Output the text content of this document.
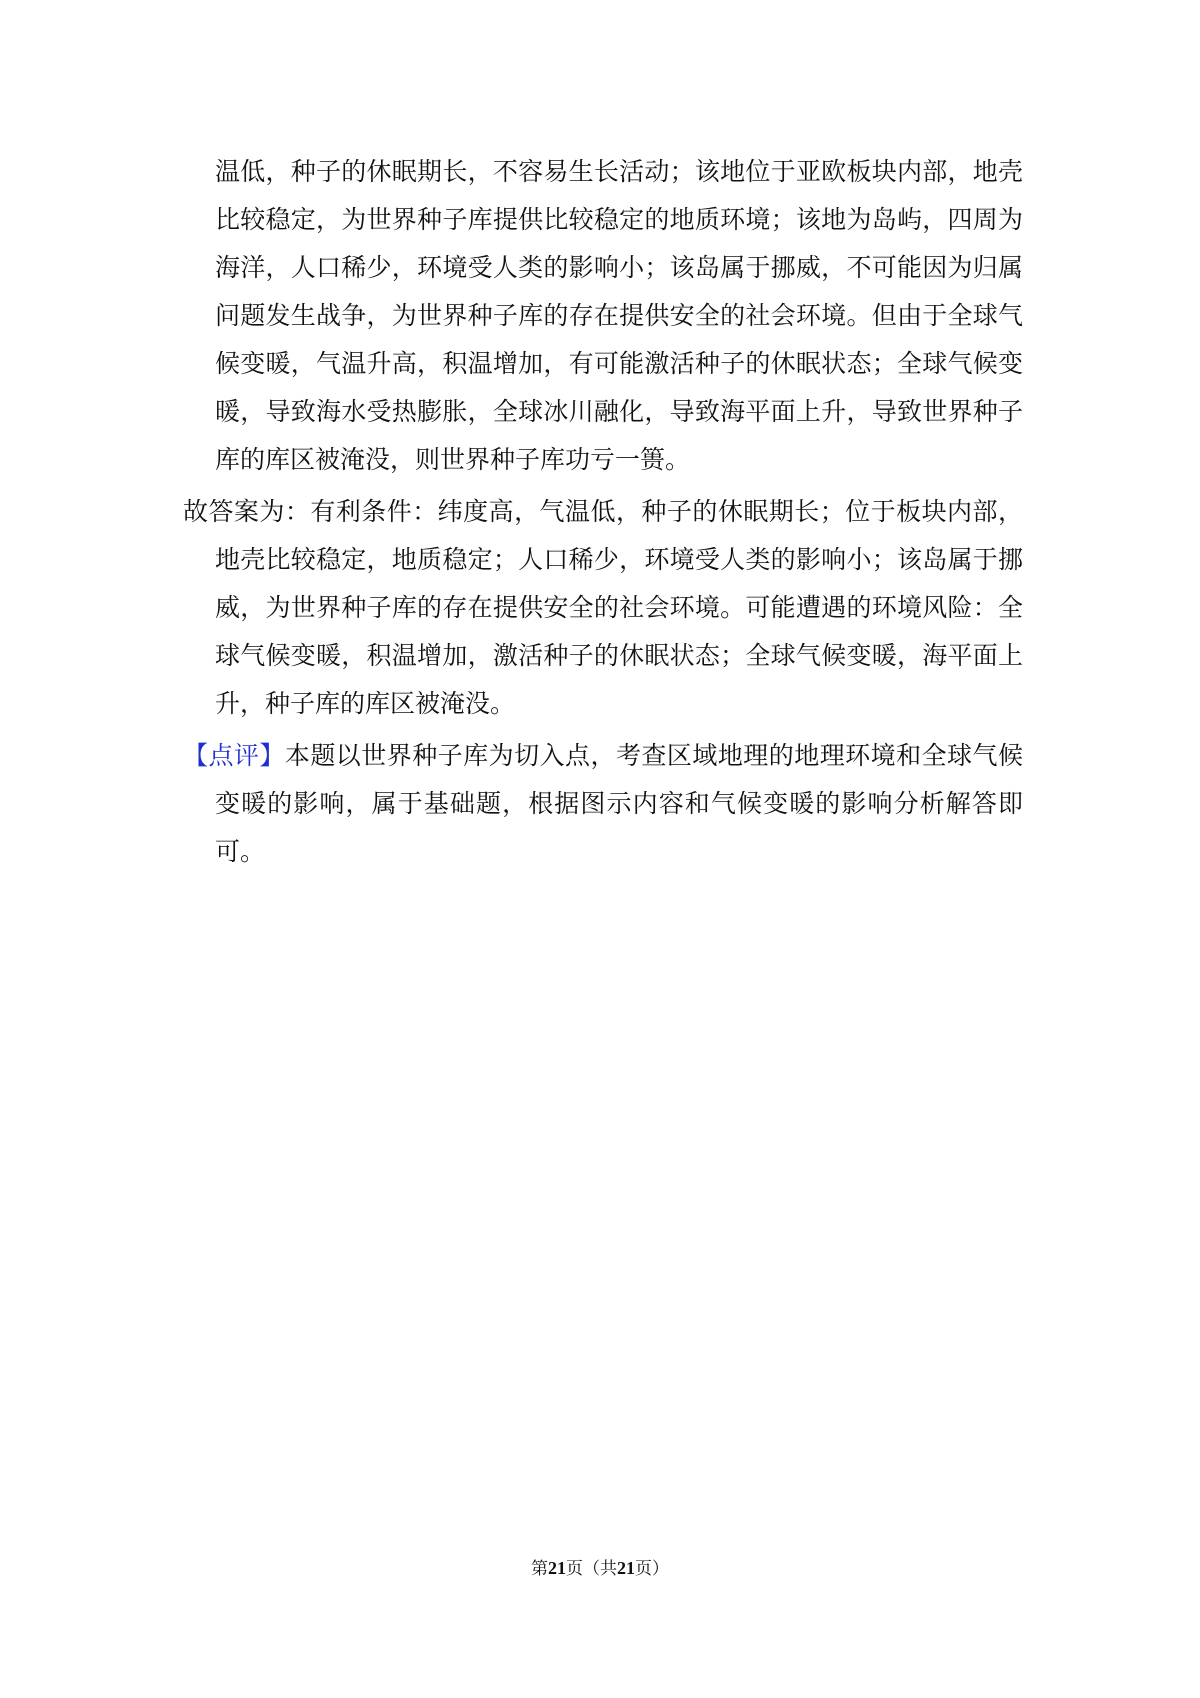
温低，种子的休眠期长，不容易生长活动；该地位于亚欧板块内部，地壳比较稳定，为世界种子库提供比较稳定的地质环境；该地为岛屿，四周为海洋，人口稀少，环境受人类的影响小；该岛属于挪威，不可能因为归属问题发生战争，为世界种子库的存在提供安全的社会环境。但由于全球气候变暖，气温升高，积温增加，有可能激活种子的休眠状态；全球气候变暖，导致海水受热膨胀，全球冰川融化，导致海平面上升，导致世界种子库的库区被淹没，则世界种子库功亏一篑。

故答案为：有利条件：纬度高，气温低，种子的休眠期长；位于板块内部，地壳比较稳定，地质稳定；人口稀少，环境受人类的影响小；该岛属于挪威，为世界种子库的存在提供安全的社会环境。可能遭遇的环境风险：全球气候变暖，积温增加，激活种子的休眠状态；全球气候变暖，海平面上升，种子库的库区被淹没。

【点评】本题以世界种子库为切入点，考查区域地理的地理环境和全球气候变暖的影响，属于基础题，根据图示内容和气候变暖的影响分析解答即可。

第21页（共21页）
